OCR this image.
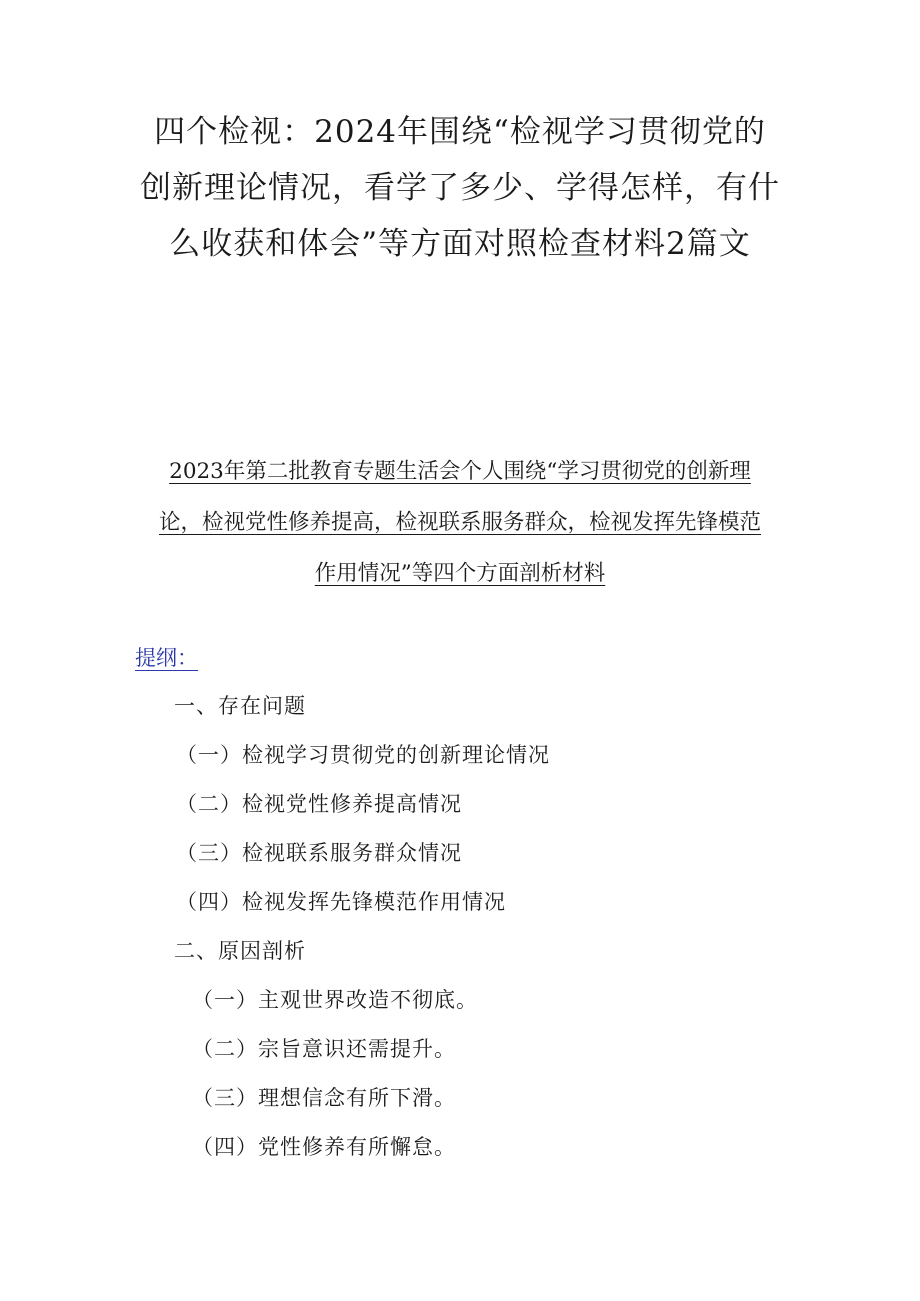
四个检视：2024年围绕“检视学习贯彻党的创新理论情况，看学了多少、学得怎样，有什么收获和体会”等方面对照检查材料2篇文
2023年第二批教育专题生活会个人围绕“学习贯彻党的创新理论，检视党性修养提高，检视联系服务群众，检视发挥先锋模范作用情况”等四个方面剖析材料
提纲：
一、存在问题
（一）检视学习贯彻党的创新理论情况
（二）检视党性修养提高情况
（三）检视联系服务群众情况
（四）检视发挥先锋模范作用情况
二、原因剖析
（一）主观世界改造不彻底。
（二）宗旨意识还需提升。
（三）理想信念有所下滑。
（四）党性修养有所懈怠。
